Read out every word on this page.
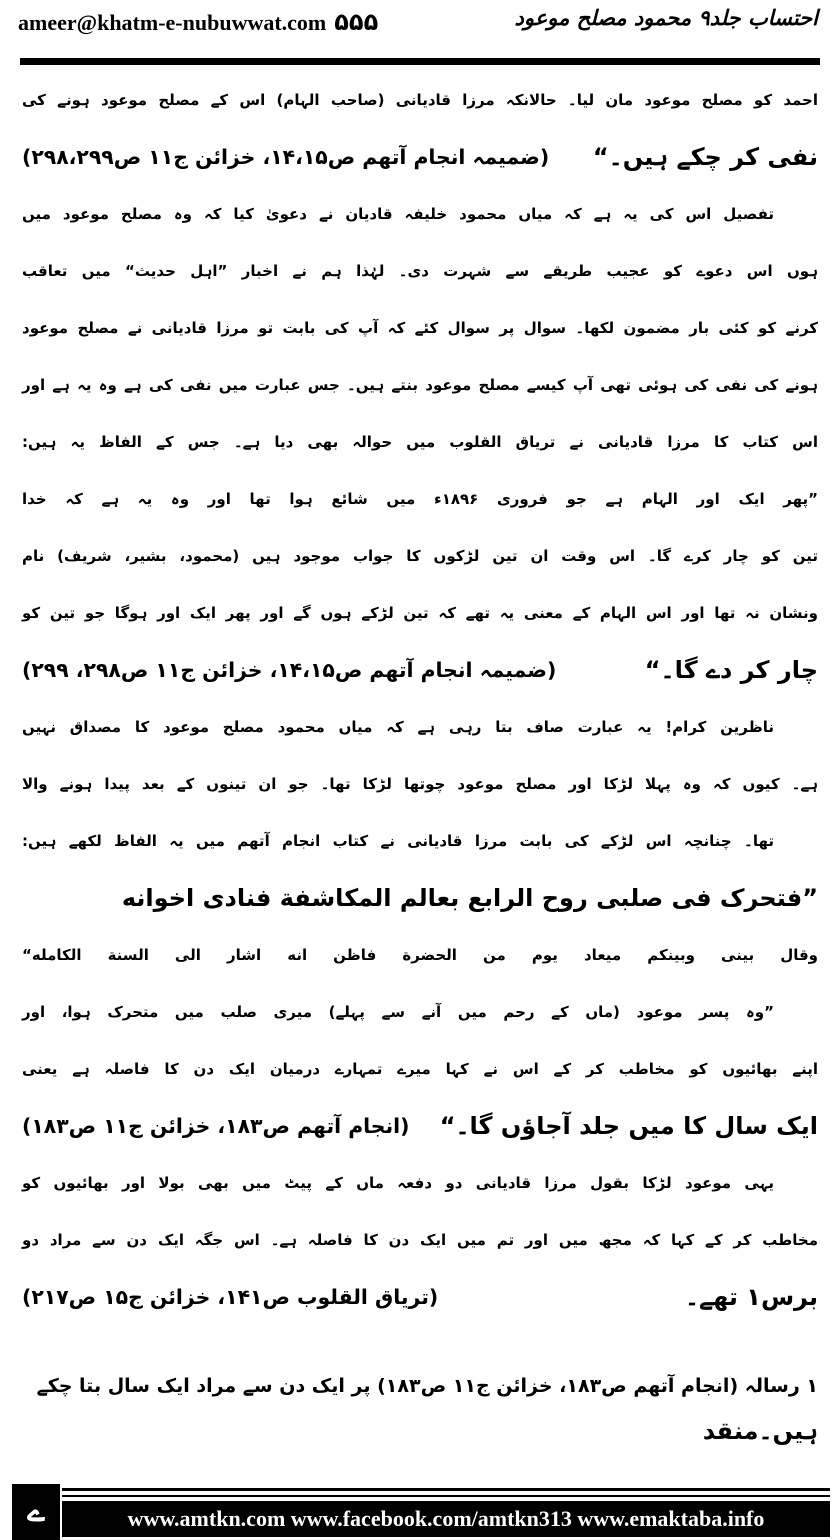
ameer@khatm-e-nubuwwat.com ۵۵۵	احتساب جلد۹ محمود مصلح موعود
احمد کو مصلح موعود مان لیا۔ حالانکہ مرزا قادیانی (صاحب الہام) اس کے مصلح موعود ہونے کی
نفی کر چکے ہیں۔“
(ضمیمہ انجام آتھم ص۱۴،۱۵، خزائن ج۱۱ ص۲۹۸،۲۹۹)
تفصیل اس کی یہ ہے کہ میاں محمود خلیفہ قادیان نے دعویٰ کیا کہ وہ مصلح موعود میں
ہوں اس دعوے کو عجیب طریقے سے شہرت دی۔ لہٰذا ہم نے اخبار ”اہل حدیث“ میں تعاقب
کرنے کو کئی بار مضمون لکھا۔ سوال پر سوال کئے کہ آپ کی بابت تو مرزا قادیانی نے مصلح موعود
ہونے کی نفی کی ہوئی تھی آپ کیسے مصلح موعود بنتے ہیں۔ جس عبارت میں نفی کی ہے وہ یہ ہے اور
اس کتاب کا مرزا قادیانی نے تریاق القلوب میں حوالہ بھی دیا ہے۔ جس کے الفاظ یہ ہیں:
”پھر ایک اور الہام ہے جو فروری ۱۸۹۶ء میں شائع ہوا تھا اور وہ یہ ہے کہ خدا
تین کو چار کرے گا۔ اس وقت ان تین لڑکوں کا جواب موجود ہیں (محمود، بشیر، شریف) نام
ونشان نہ تھا اور اس الہام کے معنی یہ تھے کہ تین لڑکے ہوں گے اور پھر ایک اور ہوگا جو تین کو
چار کر دے گا۔“
(ضمیمہ انجام آتھم ص۱۴،۱۵، خزائن ج۱۱ ص۲۹۸، ۲۹۹)
ناظرین کرام! یہ عبارت صاف بتا رہی ہے کہ میاں محمود مصلح موعود کا مصداق نہیں
ہے۔ کیوں کہ وہ پہلا لڑکا اور مصلح موعود چوتھا لڑکا تھا۔ جو ان تینوں کے بعد پیدا ہونے والا
تھا۔ چنانچہ اس لڑکے کی بابت مرزا قادیانی نے کتاب انجام آتھم میں یہ الفاظ لکھے ہیں:
”فتحرک فی صلبی روح الرابع بعالم المکاشفة فنادی اخوانه
وقال بینی وبینکم میعاد یوم من الحضرة فاظن انه اشار الی السنة الکامله“
”وہ پسر موعود (ماں کے رحم میں آنے سے پہلے) میری صلب میں متحرک ہوا، اور
اپنے بھائیوں کو مخاطب کر کے اس نے کہا میرے تمہارے درمیان ایک دن کا فاصلہ ہے یعنی
ایک سال کا میں جلد آجاؤں گا۔“
(انجام آتھم ص۱۸۳، خزائن ج۱۱ ص۱۸۳)
یہی موعود لڑکا بقول مرزا قادیانی دو دفعہ ماں کے پیٹ میں بھی بولا اور بھائیوں کو
مخاطب کر کے کہا کہ مجھ میں اور تم میں ایک دن کا فاصلہ ہے۔ اس جگہ ایک دن سے مراد دو
برس۱ تھے۔
(تریاق القلوب ص۱۴۱، خزائن ج۱۵ ص۲۱۷)
۱ رسالہ (انجام آتھم ص۱۸۳، خزائن ج۱۱ ص۱۸۳) پر ایک دن سے مراد ایک سال بتا چکے
ہیں۔منقد
ے	www.amtkn.com www.facebook.com/amtkn313 www.emaktaba.info
